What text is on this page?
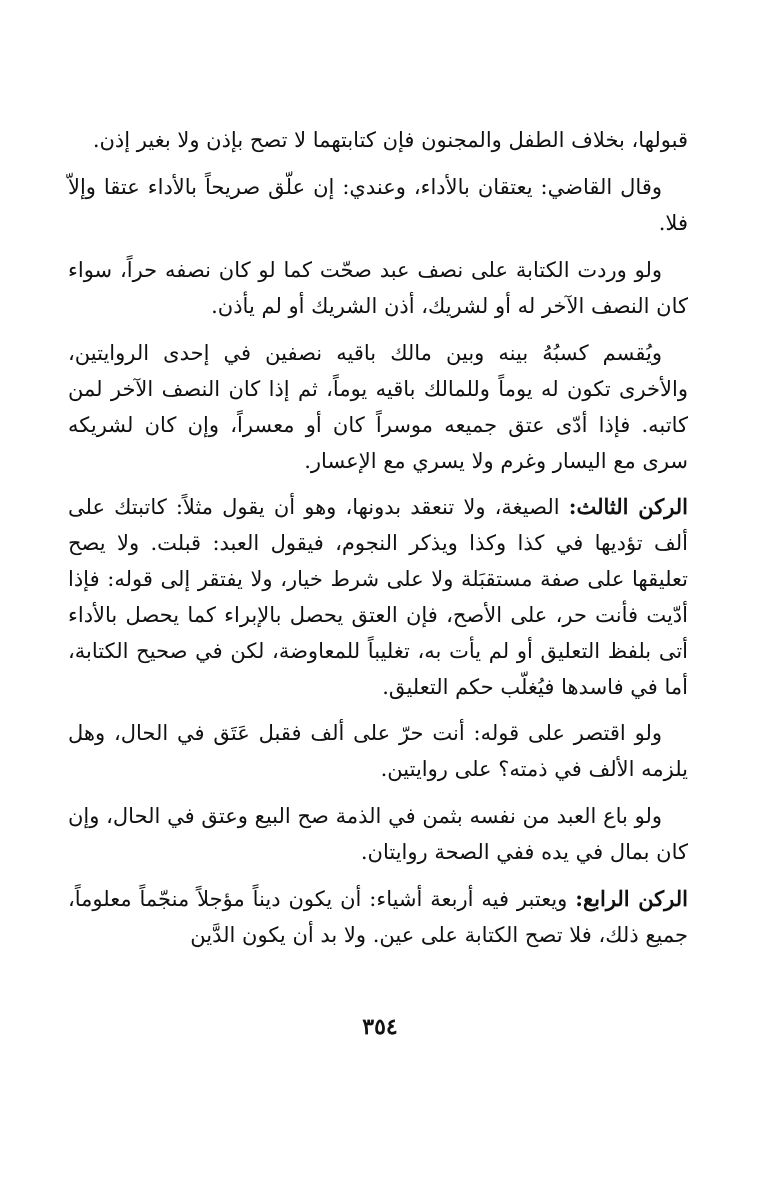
قبولها، بخلاف الطفل والمجنون فإن كتابتهما لا تصح بإذن ولا بغير إذن.

وقال القاضي: يعتقان بالأداء، وعندي: إن علّق صريحاً بالأداء عتقا وإلاّ فلا.

ولو وردت الكتابة على نصف عبد صحّت كما لو كان نصفه حراً، سواء كان النصف الآخر له أو لشريك، أذن الشريك أو لم يأذن.

ويُقسم كسبُهُ بينه وبين مالك باقيه نصفين في إحدى الروايتين، والأخرى تكون له يوماً وللمالك باقيه يوماً، ثم إذا كان النصف الآخر لمن كاتبه. فإذا أدّى عتق جميعه موسراً كان أو معسراً، وإن كان لشريكه سرى مع اليسار وغرم ولا يسري مع الإعسار.

الركن الثالث: الصيغة، ولا تنعقد بدونها، وهو أن يقول مثلاً: كاتبتك على ألف تؤديها في كذا وكذا ويذكر النجوم، فيقول العبد: قبلت. ولا يصح تعليقها على صفة مستقبَلة ولا على شرط خيار، ولا يفتقر إلى قوله: فإذا أدّيت فأنت حر، على الأصح، فإن العتق يحصل بالإبراء كما يحصل بالأداء أتى بلفظ التعليق أو لم يأت به، تغليباً للمعاوضة، لكن في صحيح الكتابة، أما في فاسدها فيُغلّب حكم التعليق.

ولو اقتصر على قوله: أنت حرّ على ألف فقبل عَتَق في الحال، وهل يلزمه الألف في ذمته؟ على روايتين.

ولو باع العبد من نفسه بثمن في الذمة صح البيع وعتق في الحال، وإن كان بمال في يده ففي الصحة روايتان.

الركن الرابع: ويعتبر فيه أربعة أشياء: أن يكون ديناً مؤجلاً منجّماً معلوماً، جميع ذلك، فلا تصح الكتابة على عين. ولا بد أن يكون الدَّين

٣٥٤
